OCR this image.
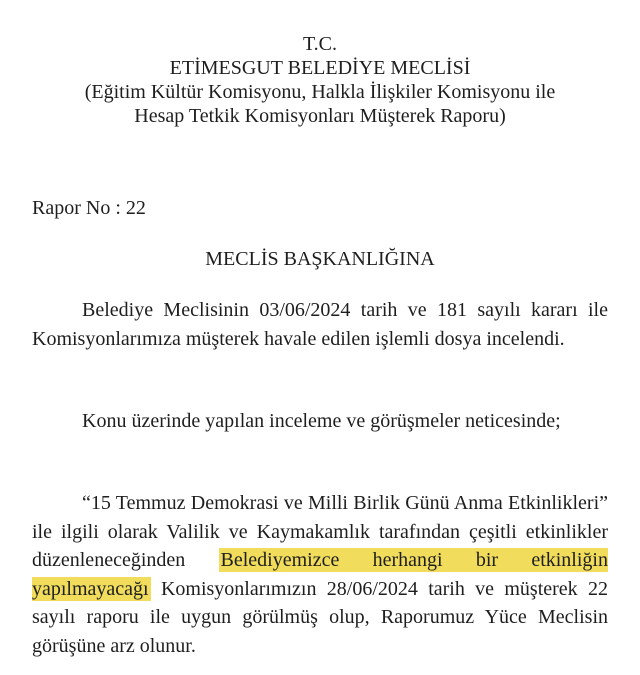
T.C.
ETİMESGUT BELEDİYE MECLİSİ
(Eğitim Kültür Komisyonu, Halkla İlişkiler Komisyonu ile
Hesap Tetkik Komisyonları Müşterek Raporu)
Rapor No : 22
MECLİS BAŞKANLIĞINA
Belediye Meclisinin 03/06/2024 tarih ve 181 sayılı kararı ile Komisyonlarımıza müşterek havale edilen işlemli dosya incelendi.
Konu üzerinde yapılan inceleme ve görüşmeler neticesinde;
“15 Temmuz Demokrasi ve Milli Birlik Günü Anma Etkinlikleri” ile ilgili olarak Valilik ve Kaymakamlık tarafından çeşitli etkinlikler düzenleneceğinden Belediyemizce herhangi bir etkinliğin yapılmayacağı Komisyonlarımızın 28/06/2024 tarih ve müşterek 22 sayılı raporu ile uygun görülmüş olup, Raporumuz Yüce Meclisin görüşüne arz olunur.
